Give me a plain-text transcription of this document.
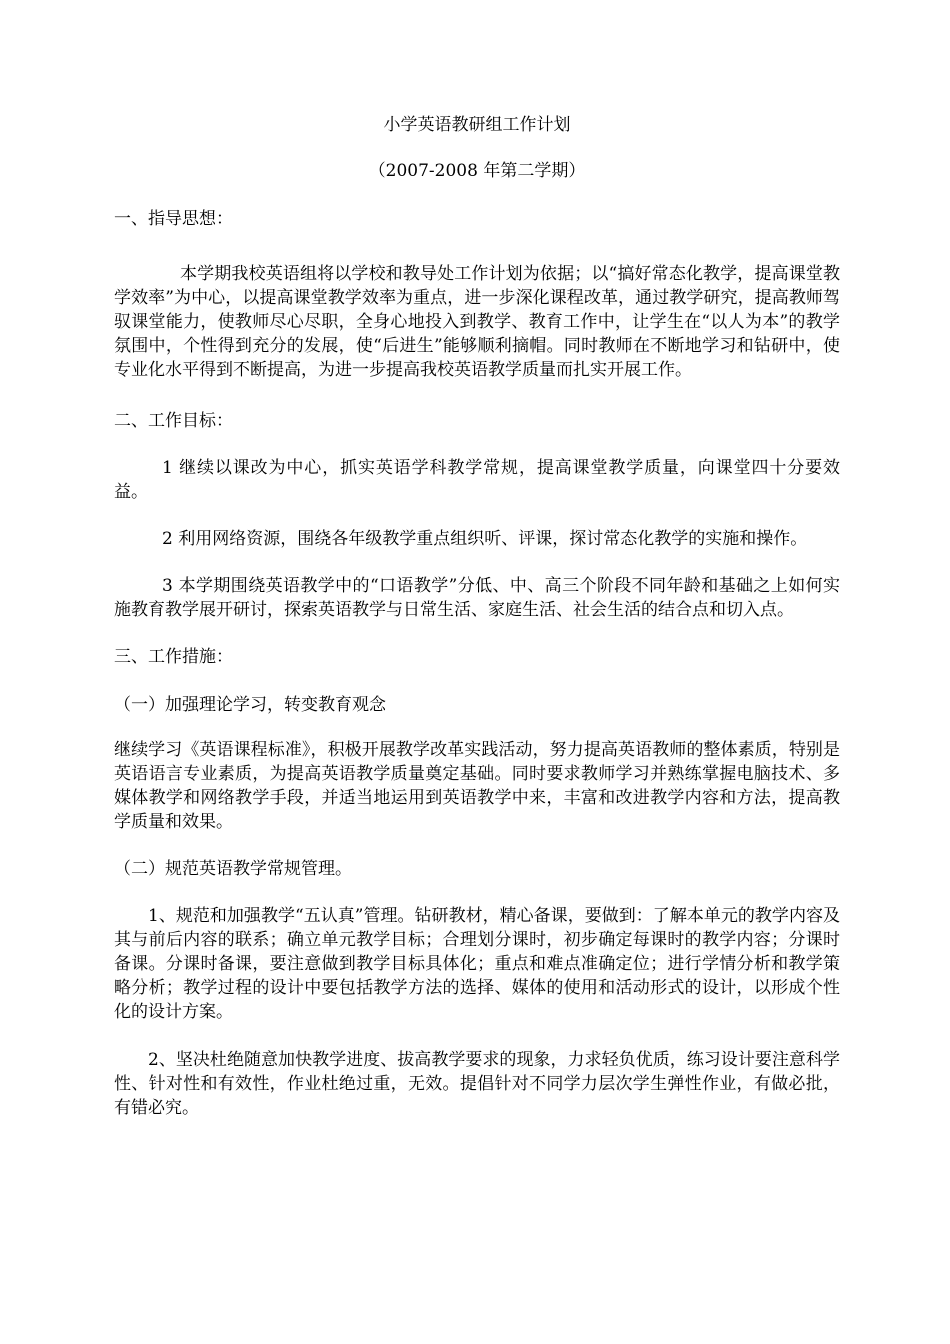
小学英语教研组工作计划

（2007-2008 年第二学期）

一、指导思想：

本学期我校英语组将以学校和教导处工作计划为依据；以“搞好常态化教学，提高课堂教学效率”为中心，以提高课堂教学效率为重点，进一步深化课程改革，通过教学研究，提高教师驾驭课堂能力，使教师尽心尽职，全身心地投入到教学、教育工作中，让学生在“以人为本”的教学氛围中，个性得到充分的发展，使“后进生”能够顺利摘帽。同时教师在不断地学习和钻研中，使专业化水平得到不断提高，为进一步提高我校英语教学质量而扎实开展工作。

二、工作目标：

1 继续以课改为中心，抓实英语学科教学常规，提高课堂教学质量，向课堂四十分要效益。

2 利用网络资源，围绕各年级教学重点组织听、评课，探讨常态化教学的实施和操作。

3 本学期围绕英语教学中的“口语教学”分低、中、高三个阶段不同年龄和基础之上如何实施教育教学展开研讨，探索英语教学与日常生活、家庭生活、社会生活的结合点和切入点。

三、工作措施：

（一）加强理论学习，转变教育观念

继续学习《英语课程标准》，积极开展教学改革实践活动，努力提高英语教师的整体素质，特别是英语语言专业素质，为提高英语教学质量奠定基础。同时要求教师学习并熟练掌握电脑技术、多媒体教学和网络教学手段，并适当地运用到英语教学中来，丰富和改进教学内容和方法，提高教学质量和效果。

（二）规范英语教学常规管理。

1、规范和加强教学“五认真”管理。钻研教材，精心备课，要做到：了解本单元的教学内容及其与前后内容的联系；确立单元教学目标；合理划分课时，初步确定每课时的教学内容；分课时备课。分课时备课，要注意做到教学目标具体化；重点和难点准确定位；进行学情分析和教学策略分析；教学过程的设计中要包括教学方法的选择、媒体的使用和活动形式的设计，以形成个性化的设计方案。

2、坚决杜绝随意加快教学进度、拔高教学要求的现象，力求轻负优质，练习设计要注意科学性、针对性和有效性，作业杜绝过重，无效。提倡针对不同学力层次学生弹性作业，有做必批，有错必究。
